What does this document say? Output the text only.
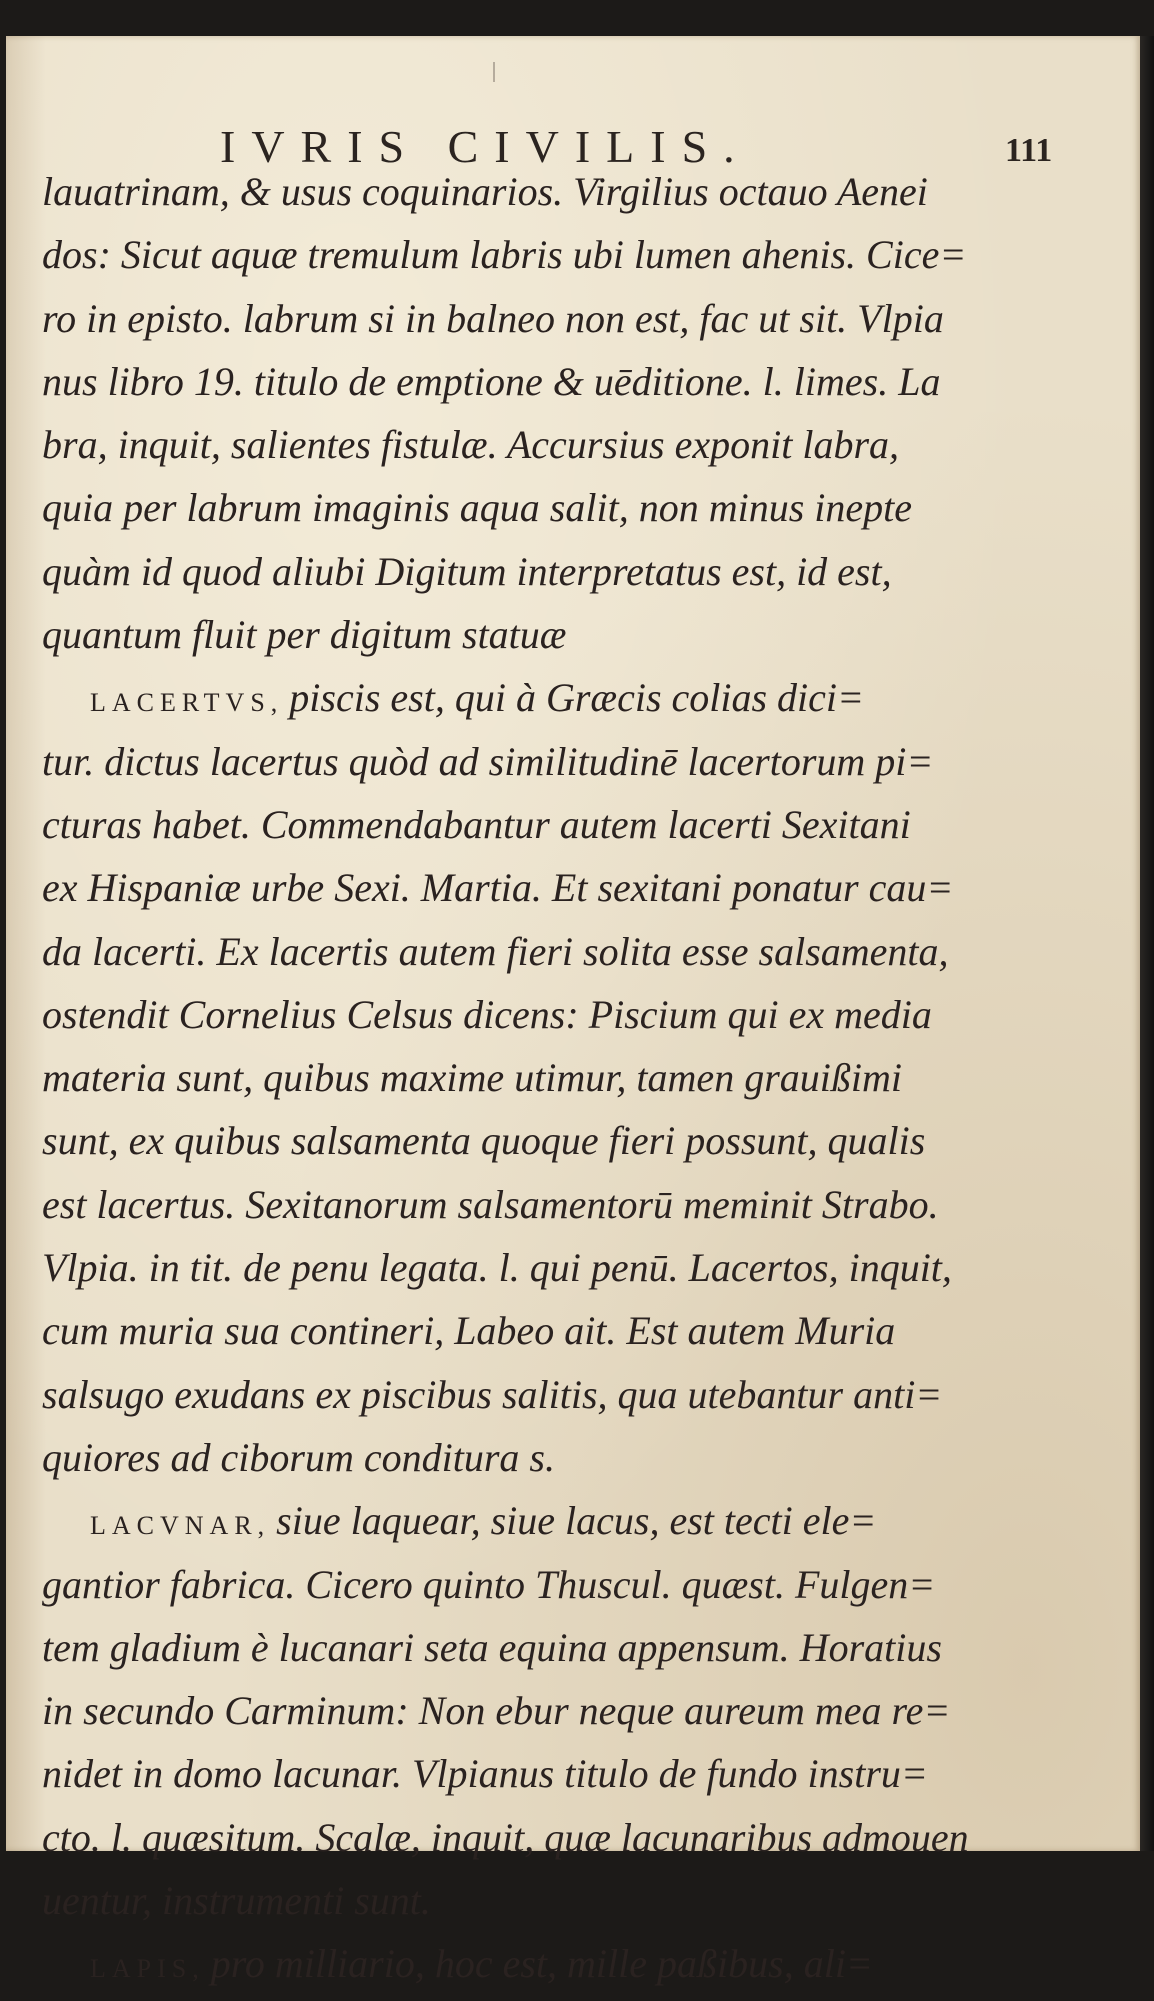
IVRIS CIVILIS.	111
lauatrinam, & usus coquinarios. Virgilius octauo Aenei
dos: Sicut aquæ tremulum labris ubi lumen ahenis. Cice=
ro in episto. labrum si in balneo non est, fac ut sit. Vlpia
nus libro 19. titulo de emptione & uēditione. l. limes. La
bra, inquit, salientes fistulæ. Accursius exponit labra,
quia per labrum imaginis aqua salit, non minus inepte
quàm id quod aliubi Digitum interpretatus est, id est,
quantum fluit per digitum statuæ
LACERTVS, piscis est, qui à Græcis colias dici=
tur. dictus lacertus quòd ad similitudinē lacertorum pi=
cturas habet. Commendabantur autem lacerti Sexitani
ex Hispaniæ urbe Sexi. Martia. Et sexitani ponatur cau=
da lacerti. Ex lacertis autem fieri solita esse salsamenta,
ostendit Cornelius Celsus dicens: Piscium qui ex media
materia sunt, quibus maxime utimur, tamen grauißimi
sunt, ex quibus salsamenta quoque fieri possunt, qualis
est lacertus. Sexitanorum salsamentorū meminit Strabo.
Vlpia. in tit. de penu legata. l. qui penū. Lacertos, inquit,
cum muria sua contineri, Labeo ait. Est autem Muria
salsugo exudans ex piscibus salitis, qua utebantur anti=
quiores ad ciborum conditura s.
LACVNAR, siue laquear, siue lacus, est tecti ele=
gantior fabrica. Cicero quinto Thuscul. quæst. Fulgen=
tem gladium è lucanari seta equina appensum. Horatius
in secundo Carminum: Non ebur neque aureum mea re=
nidet in domo lacunar. Vlpianus titulo de fundo instru=
cto. l. quæsitum. Scalæ, inquit, quæ lacunaribus admouen
uentur, instrumenti sunt.
LAPIS, pro milliario, hoc est, mille paßibus, ali=
